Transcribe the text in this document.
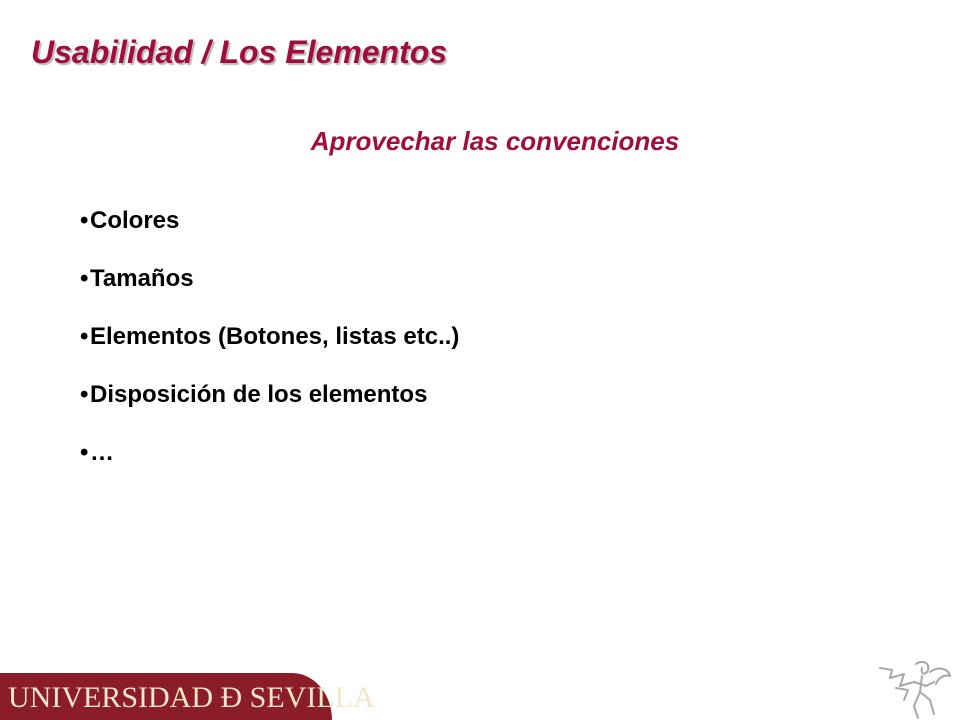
Usabilidad / Los Elementos
Aprovechar las convenciones
•Colores
•Tamaños
•Elementos (Botones, listas etc..)
•Disposición de los elementos
•…
UNIVERSIDAD Ð SEVILLA
